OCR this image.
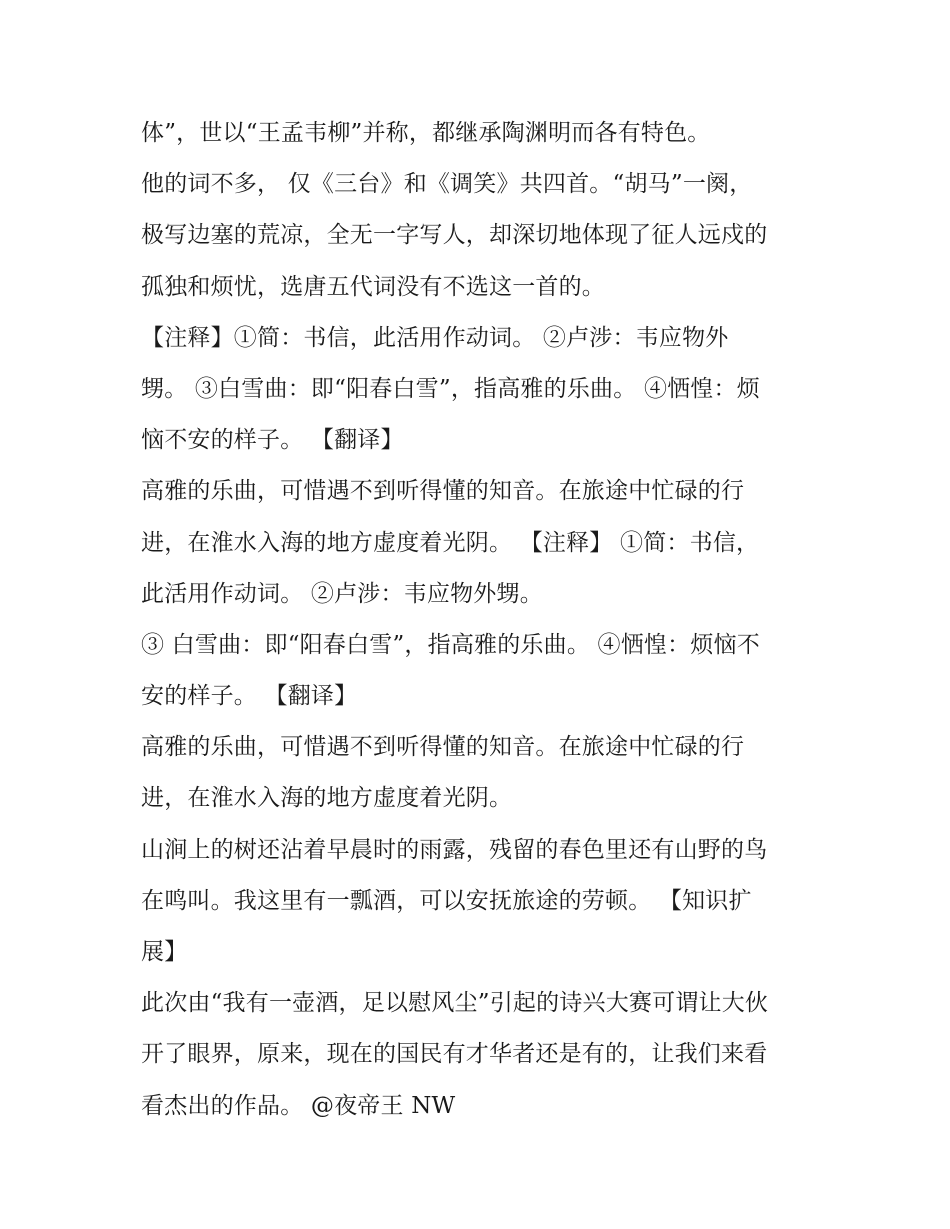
体”，世以“王孟韦柳”并称，都继承陶渊明而各有特色。
他的词不多， 仅《三台》和《调笑》共四首。“胡马”一阕，
极写边塞的荒凉，全无一字写人，却深切地体现了征人远戍的
孤独和烦忧，选唐五代词没有不选这一首的。
【注释】①简：书信，此活用作动词。 ②卢涉：韦应物外
甥。 ③白雪曲：即“阳春白雪”，指高雅的乐曲。 ④恓惶：烦
恼不安的样子。 【翻译】
高雅的乐曲，可惜遇不到听得懂的知音。在旅途中忙碌的行
进，在淮水入海的地方虚度着光阴。 【注释】 ①简：书信，
此活用作动词。 ②卢涉：韦应物外甥。
③ 白雪曲：即“阳春白雪”，指高雅的乐曲。 ④恓惶：烦恼不
安的样子。 【翻译】
高雅的乐曲，可惜遇不到听得懂的知音。在旅途中忙碌的行
进，在淮水入海的地方虚度着光阴。
山涧上的树还沾着早晨时的雨露，残留的春色里还有山野的鸟
在鸣叫。我这里有一瓢酒，可以安抚旅途的劳顿。 【知识扩
展】
此次由“我有一壶酒，足以慰风尘”引起的诗兴大赛可谓让大伙
开了眼界，原来，现在的国民有才华者还是有的，让我们来看
看杰出的作品。 @夜帝王 NW
